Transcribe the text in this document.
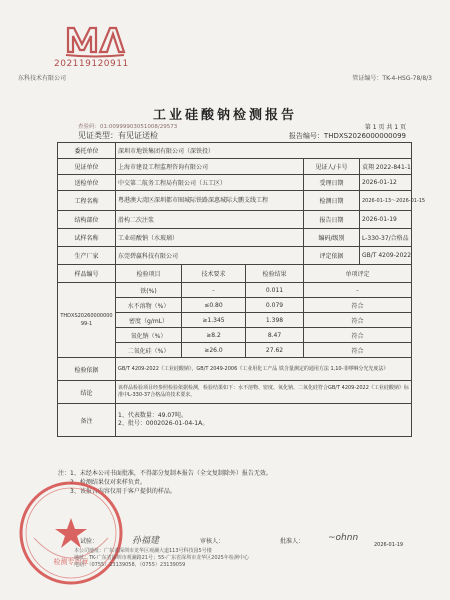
202119120911
东科技术有限公司	管证编号：TK-4-HSG-78/8/3
工业硅酸钠检测报告
查验码：01:00999903051008/29573	第 1 页 共 1 页
见证类型：有见证送检	报告编号：THDXS2026000000099
委托单位	深圳市地铁集团有限公司（深铁投）				
见证单位	上海市建设工程监理咨询有限公司			见证人/卡号	袁翔 2022-841-1
送检单位	中交第二航务工程局有限公司（五工区）			受理日期	2026-01-12
工程名称	粤港澳大湾区深圳都市圈城际铁路深惠城际大鹏支线工程			检测日期	2026-01-13～2026-01-15
结构部位	滑构二次注浆			报告日期	2026-01-19
试样名称	工业硅酸钠（水玻璃）			编码/级别	L-330-37/合格品
生产厂家	东莞碧赢科技有限公司			评定依据	GB/T 4209-2022
样品编号	检验项目	技术要求	检验结果	单项评定	
THDXS2026000000099-1	铁(%)	-	0.011	-	
	水不溶物（%）	≤0.80	0.079	符合	
	密度（g/mL）	≥1.345	1.398	符合	
	氧化钠（%）	≥8.2	8.47	符合	
	二氧化硅（%）	≥26.0	27.62	符合	
检验依据	GB/T 4209-2022《工业硅酸钠》，GB/T 2049-2006《工业用化工产品 铁含量测定的通用方法 1,10-菲啰啉分光光度法》				
结论	该样品检验项目经参照检验依据检测，检验结果如下：水不溶物、密度、氧化钠、二氧化硅符合GB/T 4209-2022《工业硅酸钠》标准中L-330-37合格品的技术要求。				
备注	1、代表数量：49.07吨。
2、批号：0002026-01-04-1A。				
注：1、未经本公司书面批准，不得部分复制本报告（全文复制除外）报告无效。
2、检测结果仅对来样负责。
3、该报告内容仅用于客户提供的样品。
检测专用章
试验：	孙福建	审核人：	批准人：	~ohnn
2026-01-19
本公司地址：广东省深圳市龙华区观澜大道113号科技园5号楼
地址：TK-广东省深圳市观澜路21号；55-广东省深圳市龙华区2025年检测中心
电话：（0755）23139058、（0755）23139059
